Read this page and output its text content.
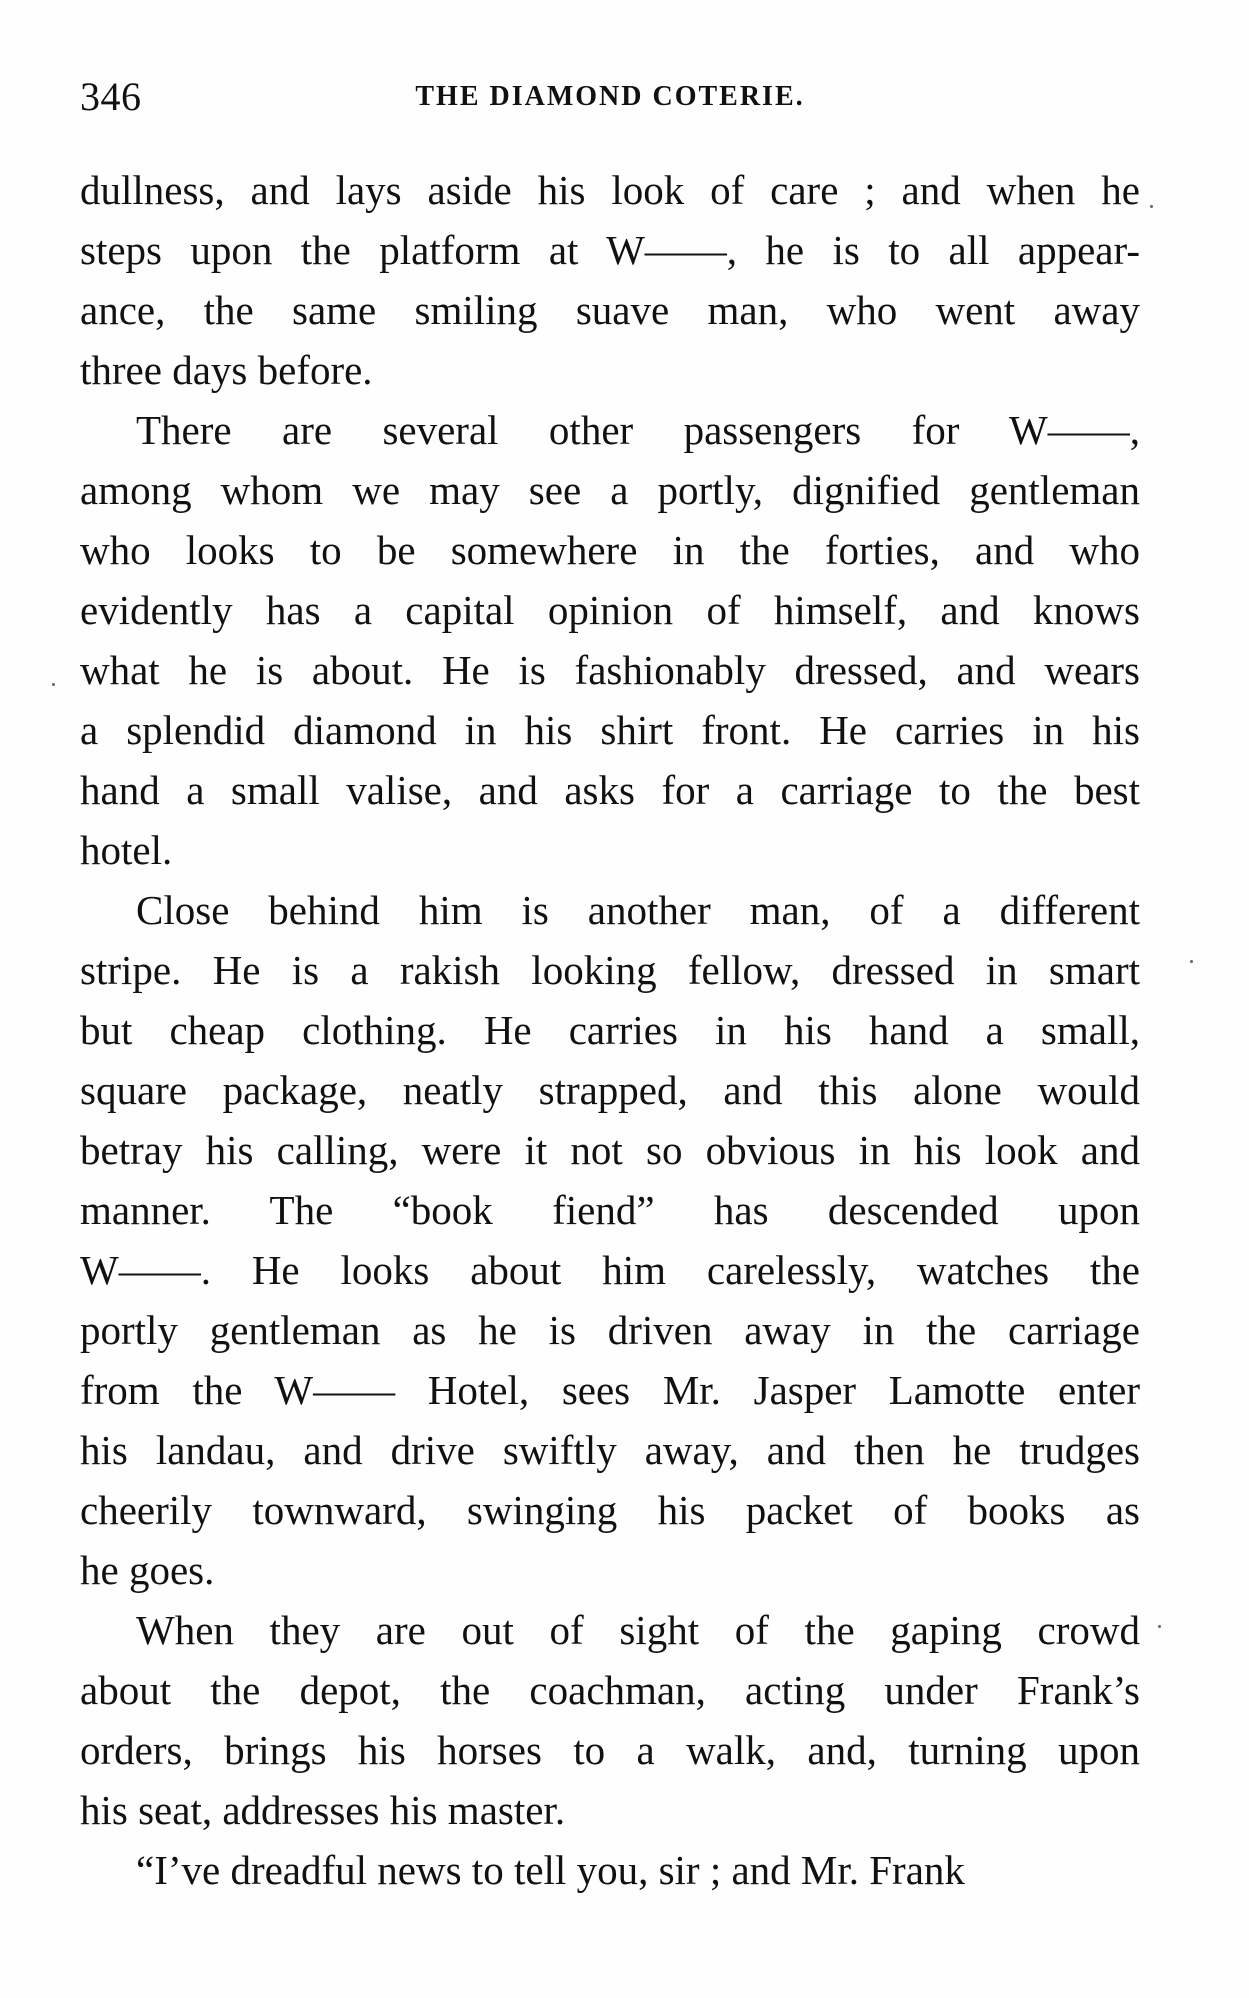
346	THE DIAMOND COTERIE.
dullness, and lays aside his look of care ; and when he
steps upon the platform at W——, he is to all appear-
ance, the same smiling suave man, who went away
three days before.
There are several other passengers for W——,
among whom we may see a portly, dignified gentleman
who looks to be somewhere in the forties, and who
evidently has a capital opinion of himself, and knows
what he is about. He is fashionably dressed, and wears
a splendid diamond in his shirt front. He carries in his
hand a small valise, and asks for a carriage to the best
hotel.
Close behind him is another man, of a different
stripe. He is a rakish looking fellow, dressed in smart
but cheap clothing. He carries in his hand a small,
square package, neatly strapped, and this alone would
betray his calling, were it not so obvious in his look and
manner. The “book fiend” has descended upon
W——. He looks about him carelessly, watches the
portly gentleman as he is driven away in the carriage
from the W—— Hotel, sees Mr. Jasper Lamotte enter
his landau, and drive swiftly away, and then he trudges
cheerily townward, swinging his packet of books as
he goes.
When they are out of sight of the gaping crowd
about the depot, the coachman, acting under Frank’s
orders, brings his horses to a walk, and, turning upon
his seat, addresses his master.
“I’ve dreadful news to tell you, sir ; and Mr. Frank
